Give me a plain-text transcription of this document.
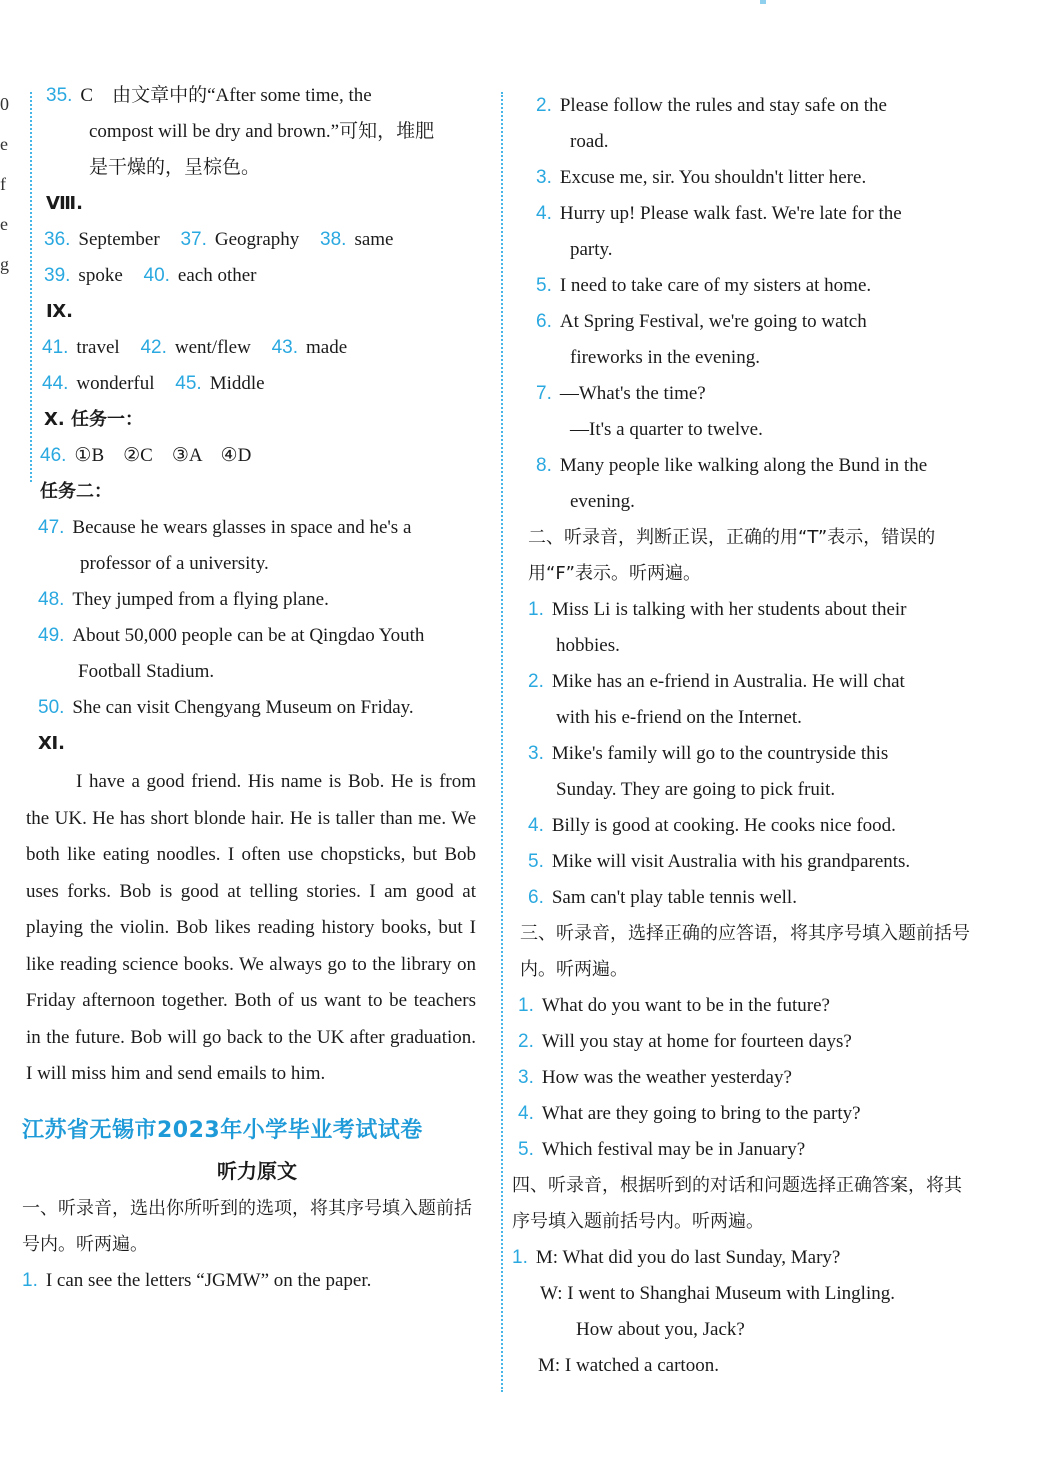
0
e
f
e
g
35. C　由文章中的“After some time, the
compost will be dry and brown.”可知，堆肥
是干燥的，呈棕色。
Ⅷ.
36. September 37. Geography 38. same
39. spoke 40. each other
Ⅸ.
41. travel 42. went/flew 43. made
44. wonderful 45. Middle
Ⅹ. 任务一：
46. ①B　②C　③A　④D
任务二：
47. Because he wears glasses in space and he's a
professor of a university.
48. They jumped from a flying plane.
49. About 50,000 people can be at Qingdao Youth
Football Stadium.
50. She can visit Chengyang Museum on Friday.
Ⅺ.
I have a good friend. His name is Bob. He is from the UK. He has short blonde hair. He is taller than me. We both like eating noodles. I often use chopsticks, but Bob uses forks. Bob is good at telling stories. I am good at playing the violin. Bob likes reading history books, but I like reading science books. We always go to the library on Friday afternoon together. Both of us want to be teachers in the future. Bob will go back to the UK after graduation. I will miss him and send emails to him.
江苏省无锡市2023年小学毕业考试试卷
听力原文
一、听录音，选出你所听到的选项，将其序号填入题前括号内。听两遍。
1. I can see the letters “JGMW” on the paper.
2. Please follow the rules and stay safe on the
road.
3. Excuse me, sir. You shouldn't litter here.
4. Hurry up! Please walk fast. We're late for the
party.
5. I need to take care of my sisters at home.
6. At Spring Festival, we're going to watch
fireworks in the evening.
7. —What's the time?
—It's a quarter to twelve.
8. Many people like walking along the Bund in the
evening.
二、听录音，判断正误，正确的用“T”表示，错误的用“F”表示。听两遍。
1. Miss Li is talking with her students about their
hobbies.
2. Mike has an e-friend in Australia. He will chat
with his e-friend on the Internet.
3. Mike's family will go to the countryside this
Sunday. They are going to pick fruit.
4. Billy is good at cooking. He cooks nice food.
5. Mike will visit Australia with his grandparents.
6. Sam can't play table tennis well.
三、听录音，选择正确的应答语，将其序号填入题前括号内。听两遍。
1. What do you want to be in the future?
2. Will you stay at home for fourteen days?
3. How was the weather yesterday?
4. What are they going to bring to the party?
5. Which festival may be in January?
四、听录音，根据听到的对话和问题选择正确答案，将其序号填入题前括号内。听两遍。
1. M: What did you do last Sunday, Mary?
W: I went to Shanghai Museum with Lingling.
How about you, Jack?
M: I watched a cartoon.
